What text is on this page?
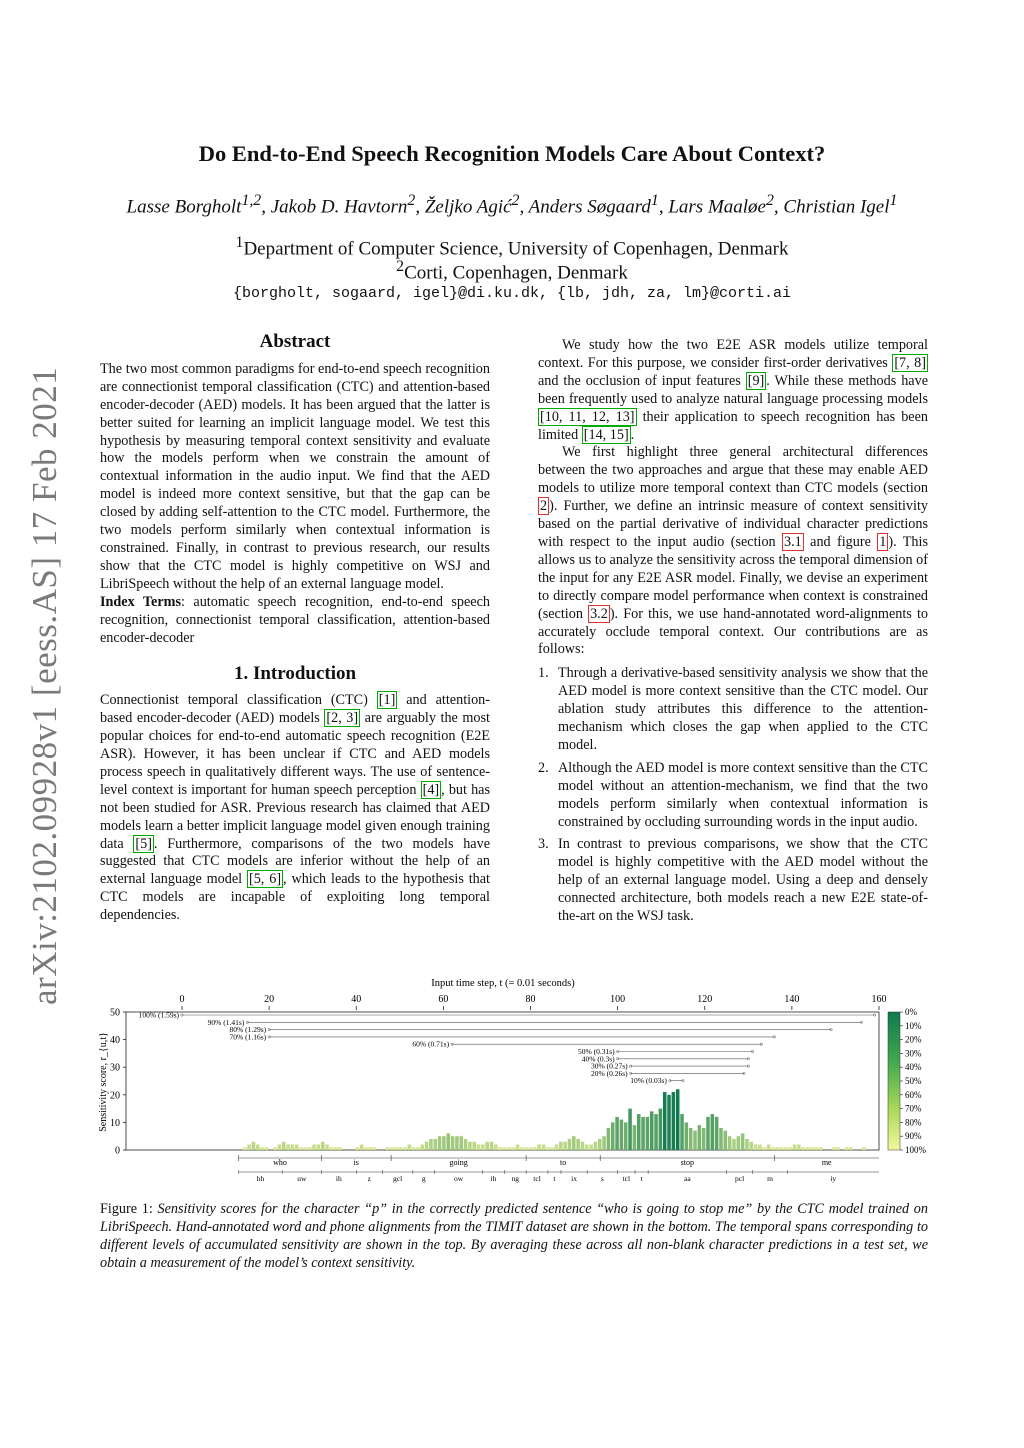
arXiv:2102.09928v1 [eess.AS] 17 Feb 2021
Do End-to-End Speech Recognition Models Care About Context?
Lasse Borgholt$^{1,2}$, Jakob D. Havtorn$^2$, Željko Agić$^2$, Anders Søgaard$^1$, Lars Maaløe$^2$, Christian Igel$^1$
$^1$Department of Computer Science, University of Copenhagen, Denmark
$^2$Corti, Copenhagen, Denmark
{borgholt, sogaard, igel}@di.ku.dk, {lb, jdh, za, lm}@corti.ai
Abstract

The two most common paradigms for end-to-end speech recognition are connectionist temporal classification (CTC) and attention-based encoder-decoder (AED) models. It has been argued that the latter is better suited for learning an implicit language model. We test this hypothesis by measuring temporal context sensitivity and evaluate how the models perform when we constrain the amount of contextual information in the audio input. We find that the AED model is indeed more context sensitive, but that the gap can be closed by adding self-attention to the CTC model. Furthermore, the two models perform similarly when contextual information is constrained. Finally, in contrast to previous research, our results show that the CTC model is highly competitive on WSJ and LibriSpeech without the help of an external language model.

Index Terms: automatic speech recognition, end-to-end speech recognition, connectionist temporal classification, attention-based encoder-decoder

1. Introduction

Connectionist temporal classification (CTC) [1] and attention-based encoder-decoder (AED) models [2, 3] are arguably the most popular choices for end-to-end automatic speech recognition (E2E ASR). However, it has been unclear if CTC and AED models process speech in qualitatively different ways. The use of sentence-level context is important for human speech perception [4] , but has not been studied for ASR. Previous research has claimed that AED models learn a better implicit language model given enough training data [5] . Furthermore, comparisons of the two models have suggested that CTC models are inferior without the help of an external language model [5, 6] , which leads to the hypothesis that CTC models are incapable of exploiting long temporal dependencies.

We study how the two E2E ASR models utilize temporal context. For this purpose, we consider first-order derivatives [7, 8] and the occlusion of input features [9] . While these methods have been frequently used to analyze natural language processing models [10, 11, 12, 13] their application to speech recognition has been limited [14, 15] .

We first highlight three general architectural differences between the two approaches and argue that these may enable AED models to utilize more temporal context than CTC models (section 2 ). Further, we define an intrinsic measure of context sensitivity based on the partial derivative of individual character predictions with respect to the input audio (section 3.1 and figure 1 ). This allows us to analyze the sensitivity across the temporal dimension of the input for any E2E ASR model. Finally, we devise an experiment to directly compare model performance when context is constrained (section 3.2 ). For this, we use hand-annotated word-alignments to accurately occlude temporal context. Our contributions are as follows:

1. Through a derivative-based sensitivity analysis we show that the AED model is more context sensitive than the CTC model. Our ablation study attributes this difference to the attention-mechanism which closes the gap when applied to the CTC model.
2. Although the AED model is more context sensitive than the CTC model without an attention-mechanism, we find that the two models perform similarly when contextual information is constrained by occluding surrounding words in the input audio.
3. In contrast to previous comparisons, we show that the CTC model is highly competitive with the AED model without the help of an external language model. Using a deep and densely connected architecture, both models reach a new E2E state-of-the-art on the WSJ task.
Input time step, t (= 0.01 seconds)
0	20	40	60	80	100	120	140	160
Sensitivity score, r_{u,t}
0
10
20
30
40
50 100% (1.59s)
90% (1.41s)
80% (1.29s)
70% (1.16s)
60% (0.71s)
50% (0.31s)
40% (0.3s)
30% (0.27s)
20% (0.26s)
10% (0.03s)
0%
10%
20%
30%
40%
50%
60%
70%
80%
90%
100%
who	is	going	to	stop	me
hh	uw	ih	z	gcl	g	ow	ih ng tcl t ix	s tcl t	aa	pcl	m	iy
Figure 1: Sensitivity scores for the character “p” in the correctly predicted sentence “who is going to stop me” by the CTC model trained on LibriSpeech. Hand-annotated word and phone alignments from the TIMIT dataset are shown in the bottom. The temporal spans corresponding to different levels of accumulated sensitivity are shown in the top. By averaging these across all non-blank character predictions in a test set, we obtain a measurement of the model’s context sensitivity.
